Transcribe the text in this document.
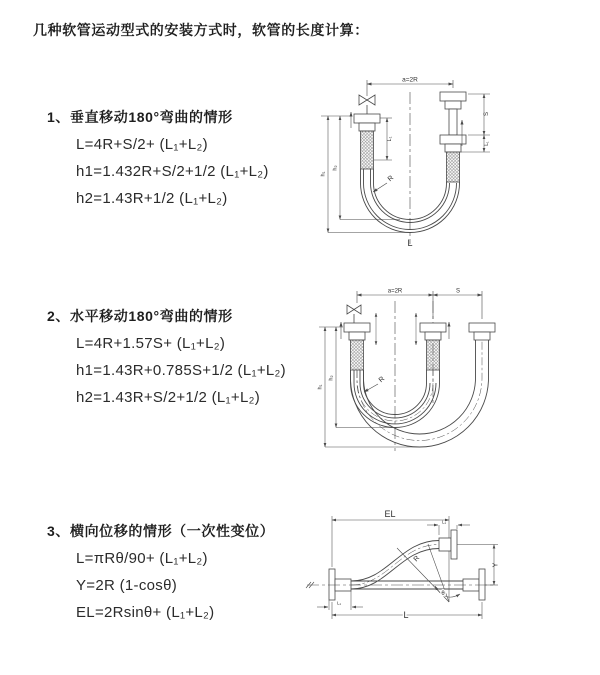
几种软管运动型式的安装方式时，软管的长度计算：
1、垂直移动180°弯曲的情形
L=4R+S/2+ (L₁+L₂)
h1=1.432R+S/2+1/2 (L₁+L₂)
h2=1.43R+1/2 (L₁+L₂)
2、水平移动180°弯曲的情形
L=4R+1.57S+ (L₁+L₂)
h1=1.43R+0.785S+1/2 (L₁+L₂)
h2=1.43R+S/2+1/2 (L₁+L₂)
3、横向位移的情形（一次性变位）
L=πRθ/90+ (L₁+L₂)
Y=2R (1-cosθ)
EL=2Rsinθ+ (L₁+L₂)
a=2R
L₁
S
L₁
h₁
h₂
R
L
a=2R	S
h₁
h₂	R
EL
L₁
Y
R
θ
L
L₁
